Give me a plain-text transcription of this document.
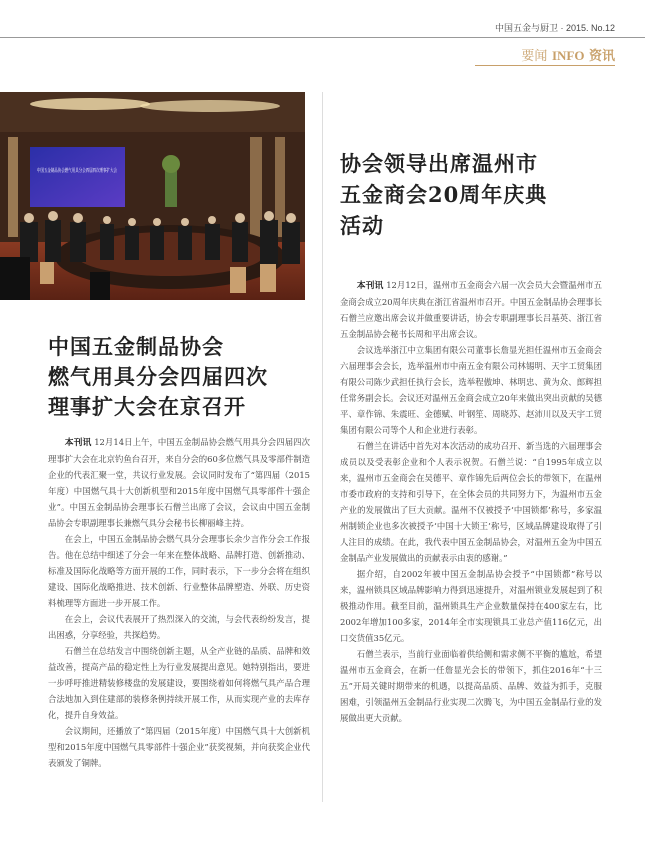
中国五金与厨卫 · 2015. No.12
要闻 INFO 资讯
中国五金制品协会燃气用具分会四届四次理事扩大会	协会领导出席温州市
五金商会20周年庆典
活动

本刊讯 12月12日，温州市五金商会六届一次会员大会暨温州市五金商会成立20周年庆典在浙江省温州市召开。中国五金制品协会理事长石僧兰应邀出席会议并做重要讲话，协会专职副理事长吕基英、浙江省五金制品协会秘书长周和平出席会议。

会议选举浙江中立集团有限公司董事长詹显光担任温州市五金商会六届理事会会长，选举温州市中南五金有限公司林锡明、天宇工贸集团有限公司陈少武担任执行会长，选举程傲坤、林明忠、黄为众、郎辉担任常务副会长。会议还对温州五金商会成立20年来做出突出贡献的吴德平、章作锦、朱震旺、金德赋、叶钢笙、周晓苏、赵沛川以及天宇工贸集团有限公司等个人和企业进行表彰。

石僧兰在讲话中首先对本次活动的成功召开、新当选的六届理事会成员以及受表彰企业和个人表示祝贺。石僧兰说：“自1995年成立以来，温州市五金商会在吴德平、章作锦先后两位会长的带领下，在温州市委市政府的支持和引导下，在全体会员的共同努力下，为温州市五金产业的发展做出了巨大贡献。温州不仅被授予‘中国锁都’称号，多家温州制锁企业也多次被授予‘中国十大锁王’称号，区域品牌建设取得了引人注目的成绩。在此，我代表中国五金制品协会，对温州五金为中国五金制品产业发展做出的贡献表示由衷的感谢。”

据介绍，自2002年被中国五金制品协会授予“中国锁都”称号以来，温州锁具区域品牌影响力得到迅速提升，对温州锁业发展起到了积极推动作用。截至目前，温州锁具生产企业数量保持在400家左右，比2002年增加100多家，2014年全市实现锁具工业总产值116亿元，出口交货值35亿元。

石僧兰表示，当前行业面临着供给侧和需求侧不平衡的尴尬，希望温州市五金商会，在新一任詹显光会长的带领下，抓住2016年“十三五”开局关键时期带来的机遇，以提高品质、品牌、效益为抓手，克服困难，引领温州五金制品行业实现二次腾飞，为中国五金制品行业的发展做出更大贡献。

中国五金制品协会
燃气用具分会四届四次
理事扩大会在京召开

本刊讯 12月14日上午，中国五金制品协会燃气用具分会四届四次理事扩大会在北京钓鱼台召开，来自分会的60多位燃气具及零部件制造企业的代表汇聚一堂，共议行业发展。会议同时发布了“第四届（2015年度）中国燃气具十大创新机型和2015年度中国燃气具零部件十强企业”。中国五金制品协会理事长石僧兰出席了会议，会议由中国五金制品协会专职副理事长兼燃气具分会秘书长柳丽峰主持。

在会上，中国五金制品协会燃气具分会理事长余少言作分会工作报告。他在总结中细述了分会一年来在整体战略、品牌打造、创新推动、标准及国际化战略等方面开展的工作，同时表示，下一步分会将在组织建设、国际化战略推进、技术创新、行业整体品牌塑造、外联、历史资料梳理等方面进一步开展工作。

在会上，会议代表展开了热烈深入的交流，与会代表纷纷发言，提出困惑，分享经验，共探趋势。

石僧兰在总结发言中围绕创新主题，从全产业链的品质、品牌和效益改善，提高产品的稳定性上为行业发展提出意见。她特别指出，要进一步呼吁推进精装修楼盘的发展建设，要围绕着如何将燃气具产品合理合法地加入到住建部的装修条例持续开展工作，从而实现产业的去库存化，提升自身效益。

会议期间，还播放了“第四届（2015年度）中国燃气具十大创新机型和2015年度中国燃气具零部件十强企业”获奖视频，并向获奖企业代表颁发了铜牌。
